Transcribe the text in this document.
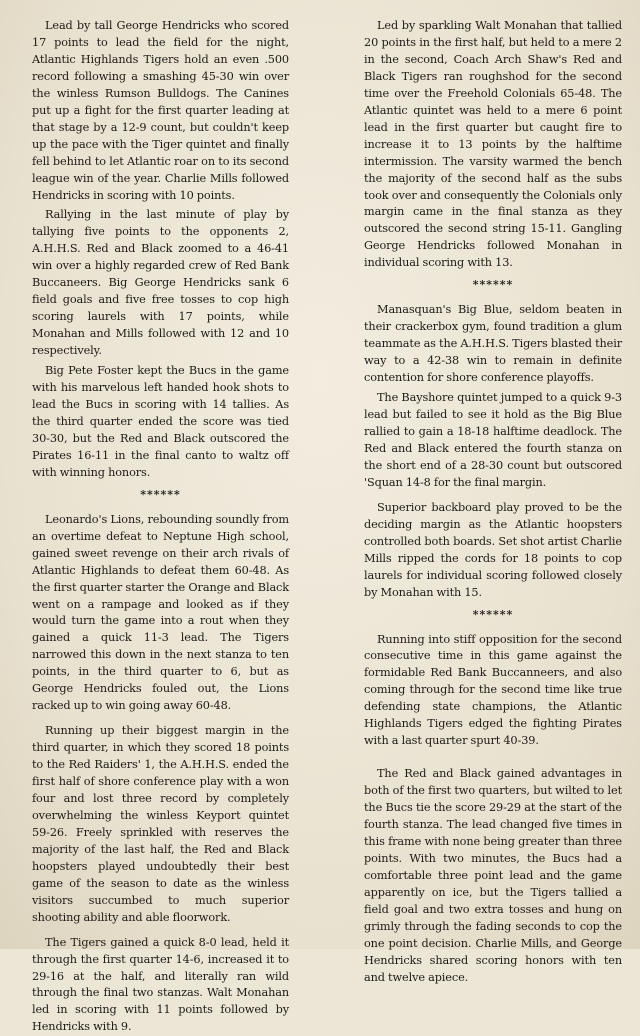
Lead by tall George Hendricks who scored 17 points to lead the field for the night, Atlantic Highlands Tigers hold an even .500 record following a smashing 45-30 win over the winless Rumson Bulldogs. The Canines put up a fight for the first quarter leading at that stage by a 12-9 count, but couldn't keep up the pace with the Tiger quintet and finally fell behind to let Atlantic roar on to its second league win of the year. Charlie Mills followed Hendricks in scoring with 10 points.

Rallying in the last minute of play by tallying five points to the opponents 2, A.H.H.S. Red and Black zoomed to a 46-41 win over a highly regarded crew of Red Bank Buccaneers. Big George Hendricks sank 6 field goals and five free tosses to cop high scoring laurels with 17 points, while Monahan and Mills followed with 12 and 10 respectively.

Big Pete Foster kept the Bucs in the game with his marvelous left handed hook shots to lead the Bucs in scoring with 14 tallies. As the third quarter ended the score was tied 30-30, but the Red and Black outscored the Pirates 16-11 in the final canto to waltz off with winning honors.

******

Leonardo's Lions, rebounding soundly from an overtime defeat to Neptune High school, gained sweet revenge on their arch rivals of Atlantic Highlands to defeat them 60-48. As the first quarter starter the Orange and Black went on a rampage and looked as if they would turn the game into a rout when they gained a quick 11-3 lead. The Tigers narrowed this down in the next stanza to ten points, in the third quarter to 6, but as George Hendricks fouled out, the Lions racked up to win going away 60-48.

Running up their biggest margin in the third quarter, in which they scored 18 points to the Red Raiders' 1, the A.H.H.S. ended the first half of shore conference play with a won four and lost three record by completely overwhelming the winless Keyport quintet 59-26. Freely sprinkled with reserves the majority of the last half, the Red and Black hoopsters played undoubtedly their best game of the season to date as the winless visitors succumbed to much superior shooting ability and able floorwork.

The Tigers gained a quick 8-0 lead, held it through the first quarter 14-6, increased it to 29-16 at the half, and literally ran wild through the final two stanzas. Walt Monahan led in scoring with 11 points followed by Hendricks with 9.

Led by sparkling Walt Monahan that tallied 20 points in the first half, but held to a mere 2 in the second, Coach Arch Shaw's Red and Black Tigers ran roughshod for the second time over the Freehold Colonials 65-48. The Atlantic quintet was held to a mere 6 point lead in the first quarter but caught fire to increase it to 13 points by the halftime intermission. The varsity warmed the bench the majority of the second half as the subs took over and consequently the Colonials only margin came in the final stanza as they outscored the second string 15-11. Gangling George Hendricks followed Monahan in individual scoring with 13.

******

Manasquan's Big Blue, seldom beaten in their crackerbox gym, found tradition a glum teammate as the A.H.H.S. Tigers blasted their way to a 42-38 win to remain in definite contention for shore conference playoffs.

The Bayshore quintet jumped to a quick 9-3 lead but failed to see it hold as the Big Blue rallied to gain a 18-18 halftime deadlock. The Red and Black entered the fourth stanza on the short end of a 28-30 count but outscored 'Squan 14-8 for the final margin.

Superior backboard play proved to be the deciding margin as the Atlantic hoopsters controlled both boards. Set shot artist Charlie Mills ripped the cords for 18 points to cop laurels for individual scoring followed closely by Monahan with 15.

******

Running into stiff opposition for the second consecutive time in this game against the formidable Red Bank Buccanneers, and also coming through for the second time like true defending state champions, the Atlantic Highlands Tigers edged the fighting Pirates with a last quarter spurt 40-39.

The Red and Black gained advantages in both of the first two quarters, but wilted to let the Bucs tie the score 29-29 at the start of the fourth stanza. The lead changed five times in this frame with none being greater than three points. With two minutes, the Bucs had a comfortable three point lead and the game apparently on ice, but the Tigers tallied a field goal and two extra tosses and hung on grimly through the fading seconds to cop the one point decision. Charlie Mills, and George Hendricks shared scoring honors with ten and twelve apiece.
